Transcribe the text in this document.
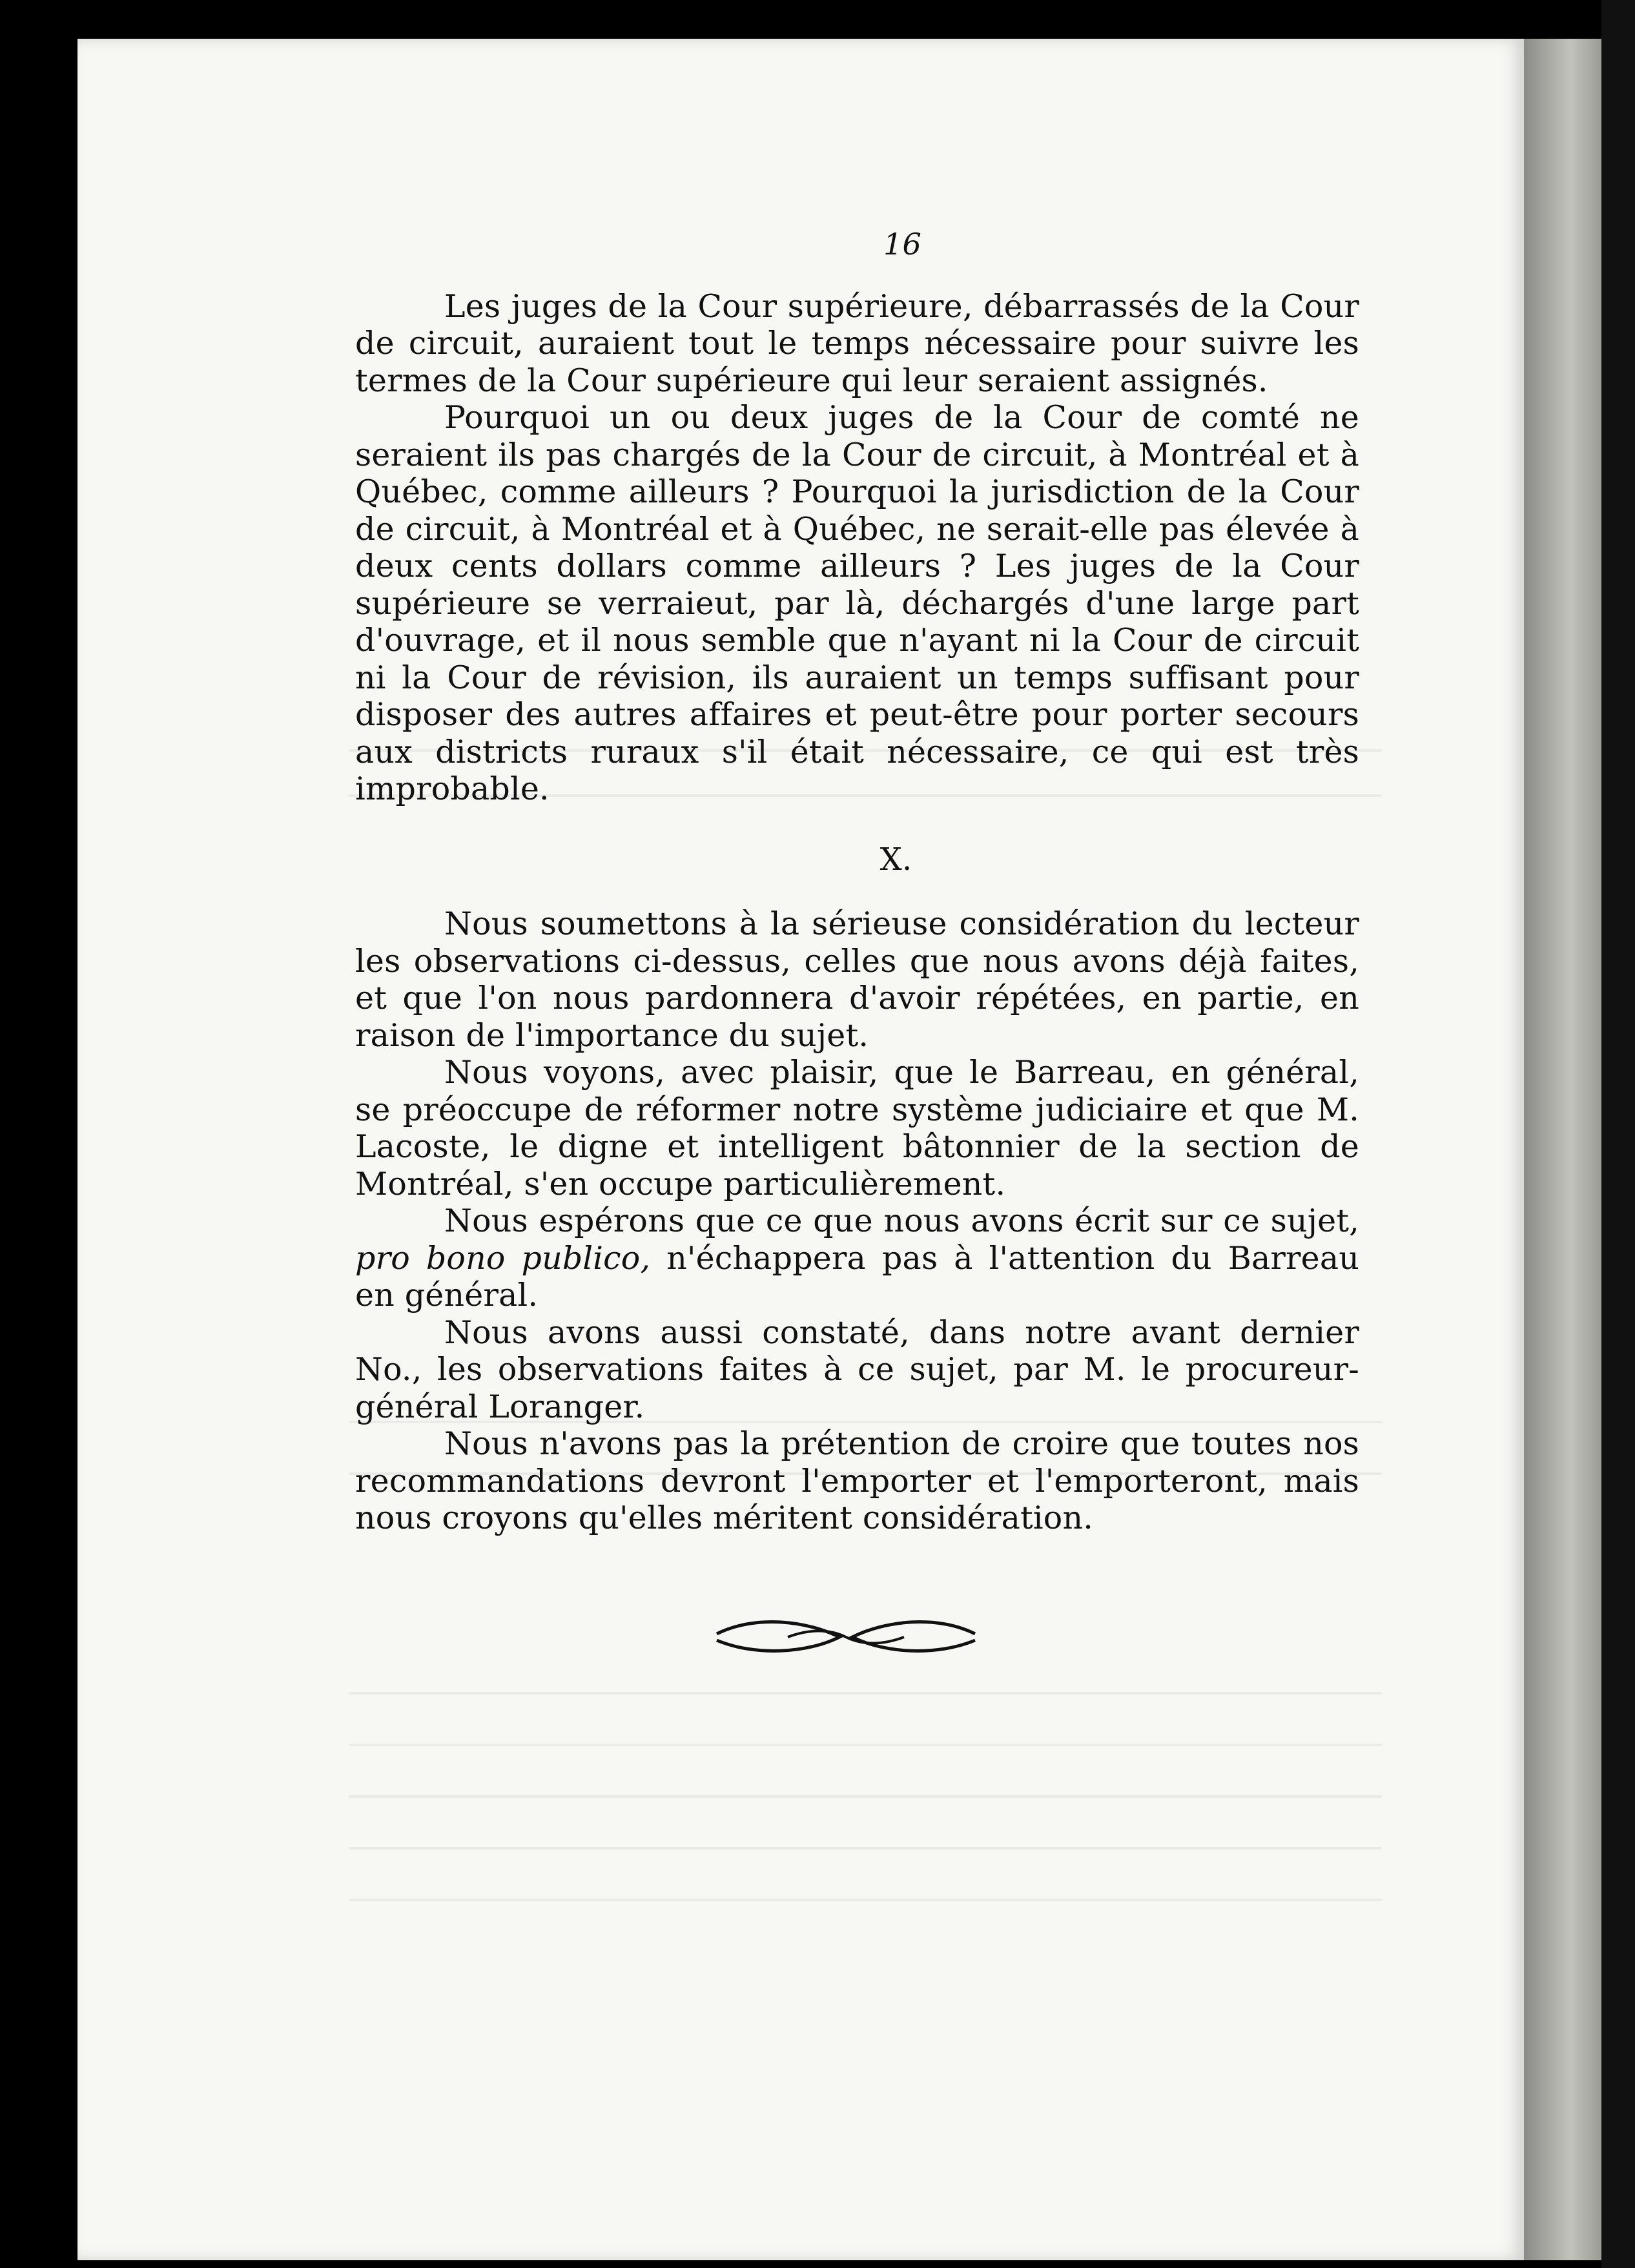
16

Les juges de la Cour supérieure, débarrassés de la Cour de circuit, auraient tout le temps nécessaire pour suivre les termes de la Cour supérieure qui leur seraient assignés.

Pourquoi un ou deux juges de la Cour de comté ne seraient ils pas chargés de la Cour de circuit, à Montréal et à Québec, comme ailleurs ? Pourquoi la jurisdiction de la Cour de circuit, à Montréal et à Québec, ne serait-elle pas élevée à deux cents dollars comme ailleurs ? Les juges de la Cour supérieure se verraieut, par là, déchargés d'une large part d'ouvrage, et il nous semble que n'ayant ni la Cour de circuit ni la Cour de révision, ils auraient un temps suffisant pour disposer des autres affaires et peut-être pour porter secours aux districts ruraux s'il était nécessaire, ce qui est très improbable.

X.

Nous soumettons à la sérieuse considération du lecteur les observations ci-dessus, celles que nous avons déjà faites, et que l'on nous pardonnera d'avoir répétées, en partie, en raison de l'importance du sujet.

Nous voyons, avec plaisir, que le Barreau, en général, se préoccupe de réformer notre système judiciaire et que M. Lacoste, le digne et intelligent bâtonnier de la section de Montréal, s'en occupe particulièrement.

Nous espérons que ce que nous avons écrit sur ce sujet, pro bono publico, n'échappera pas à l'attention du Barreau en général.

Nous avons aussi constaté, dans notre avant dernier No., les observations faites à ce sujet, par M. le procureur-général Loranger.

Nous n'avons pas la prétention de croire que toutes nos recommandations devront l'emporter et l'emporteront, mais nous croyons qu'elles méritent considération.
